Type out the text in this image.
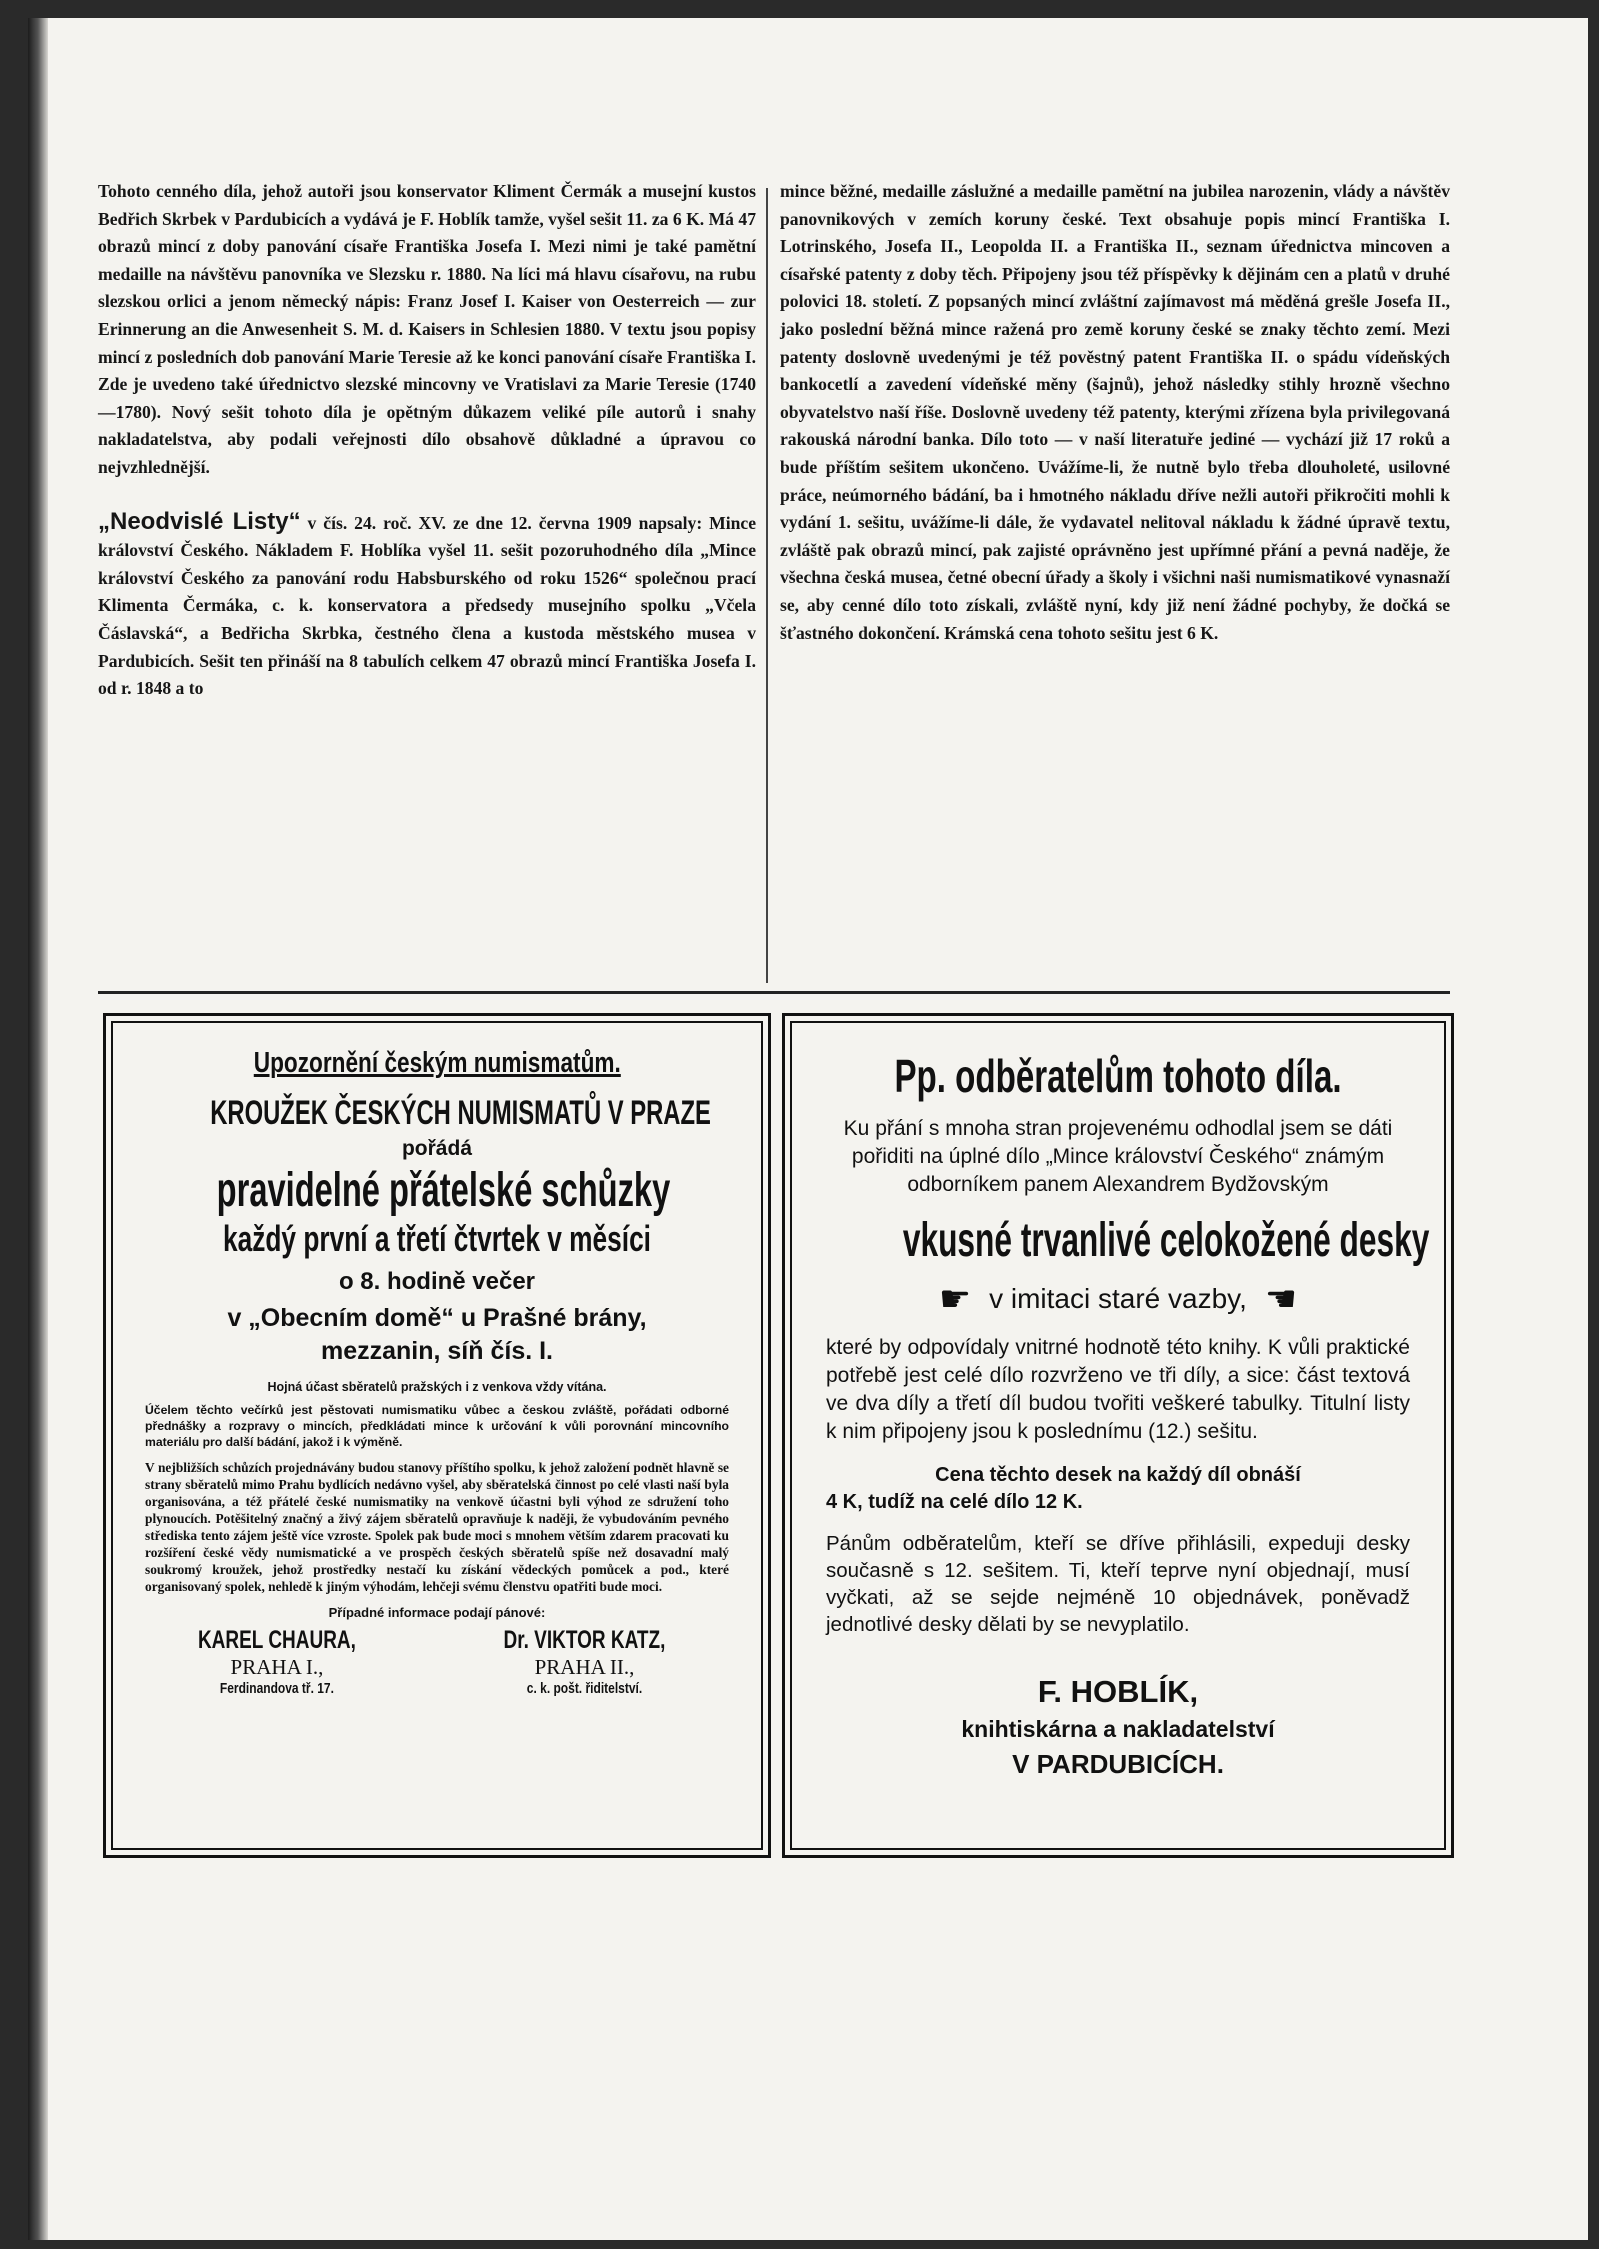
Tohoto cenného díla, jehož autoři jsou konservator Kliment Čermák a musejní kustos Bedřich Skrbek v Pardubicích a vydává je F. Hoblík tamže, vyšel sešit 11. za 6 K. Má 47 obrazů mincí z doby panování císaře Františka Josefa I. Mezi nimi je také pamětní medaille na návštěvu panovníka ve Slezsku r. 1880. Na líci má hlavu císařovu, na rubu slezskou orlici a jenom německý nápis: Franz Josef I. Kaiser von Oesterreich — zur Erinnerung an die Anwesenheit S. M. d. Kaisers in Schlesien 1880. V textu jsou popisy mincí z posledních dob panování Marie Teresie až ke konci panování císaře Františka I. Zde je uvedeno také úřednictvo slezské mincovny ve Vratislavi za Marie Teresie (1740—1780). Nový sešit tohoto díla je opětným důkazem veliké píle autorů i snahy nakladatelstva, aby podali veřejnosti dílo obsahově důkladné a úpravou co nejvzhlednější.

„Neodvislé Listy“ v čís. 24. roč. XV. ze dne 12. června 1909 napsaly: Mince království Českého. Nákladem F. Hoblíka vyšel 11. sešit pozoruhodného díla „Mince království Českého za panování rodu Habsburského od roku 1526“ společnou prací Klimenta Čermáka, c. k. konservatora a předsedy musejního spolku „Včela Čáslavská“, a Bedřicha Skrbka, čestného člena a kustoda městského musea v Pardubicích. Sešit ten přináší na 8 tabulích celkem 47 obrazů mincí Františka Josefa I. od r. 1848 a to

mince běžné, medaille záslužné a medaille pamětní na jubilea narozenin, vlády a návštěv panovnikových v zemích koruny české. Text obsahuje popis mincí Františka I. Lotrinského, Josefa II., Leopolda II. a Františka II., seznam úřednictva mincoven a císařské patenty z doby těch. Připojeny jsou též příspěvky k dějinám cen a platů v druhé polovici 18. století. Z popsaných mincí zvláštní zajímavost má měděná grešle Josefa II., jako poslední běžná mince ražená pro země koruny české se znaky těchto zemí. Mezi patenty doslovně uvedenými je též pověstný patent Františka II. o spádu vídeňských bankocetlí a zavedení vídeňské měny (šajnů), jehož následky stihly hrozně všechno obyvatelstvo naší říše. Doslovně uvedeny též patenty, kterými zřízena byla privilegovaná rakouská národní banka. Dílo toto — v naší literatuře jediné — vychází již 17 roků a bude příštím sešitem ukončeno. Uvážíme-li, že nutně bylo třeba dlouholeté, usilovné práce, neúmorného bádání, ba i hmotného nákladu dříve nežli autoři přikročiti mohli k vydání 1. sešitu, uvážíme-li dále, že vydavatel nelitoval nákladu k žádné úpravě textu, zvláště pak obrazů mincí, pak zajisté oprávněno jest upřímné přání a pevná naděje, že všechna česká musea, četné obecní úřady a školy i všichni naši numismatikové vynasnaží se, aby cenné dílo toto získali, zvláště nyní, kdy již není žádné pochyby, že dočká se šťastného dokončení. Krámská cena tohoto sešitu jest 6 K.

Upozornění českým numismatům.
KROUŽEK ČESKÝCH NUMISMATŮ V PRAZE
pořádá
pravidelné přátelské schůzky
každý první a třetí čtvrtek v měsíci
o 8. hodině večer
v „Obecním domě“ u Prašné brány,
mezzanin, síň čís. I.
Hojná účast sběratelů pražských i z venkova vždy vítána.

Účelem těchto večírků jest pěstovati numismatiku vůbec a českou zvláště, pořádati odborné přednášky a rozpravy o mincích, předkládati mince k určování k vůli porovnání mincovního materiálu pro další bádání, jakož i k výměně.

V nejbližších schůzích projednávány budou stanovy příštího spolku, k jehož založení podnět hlavně se strany sběratelů mimo Prahu bydlících nedávno vyšel, aby sběratelská činnost po celé vlasti naší byla organisována, a též přátelé české numismatiky na venkově účastni byli výhod ze sdružení toho plynoucích. Potěšitelný značný a živý zájem sběratelů opravňuje k naději, že vybudováním pevného střediska tento zájem ještě více vzroste. Spolek pak bude moci s mnohem větším zdarem pracovati ku rozšíření české vědy numismatické a ve prospěch českých sběratelů spíše než dosavadní malý soukromý kroužek, jehož prostředky nestačí ku získání vědeckých pomůcek a pod., které organisovaný spolek, nehledě k jiným výhodám, lehčeji svému členstvu opatřiti bude moci.

Případné informace podají pánové:
KAREL CHAURA,
PRAHA I.,
Ferdinandova tř. 17.
Dr. VIKTOR KATZ,
PRAHA II.,
c. k. pošt. řiditelství.
Pp. odběratelům tohoto díla.
Ku přání s mnoha stran projevenému odhodlal jsem se dáti pořiditi na úplné dílo „Mince království Českého“ známým odborníkem panem Alexandrem Bydžovským
vkusné trvanlivé celokožené desky
☛ v imitaci staré vazby, ☚
které by odpovídaly vnitrné hodnotě této knihy. K vůli praktické potřebě jest celé dílo rozvrženo ve tři díly, a sice: část textová ve dva díly a třetí díl budou tvořiti veškeré tabulky. Titulní listy k nim připojeny jsou k poslednímu (12.) sešitu.
Cena těchto desek na každý díl obnáší
4 K, tudíž na celé dílo 12 K.
Pánům odběratelům, kteří se dříve přihlásili, expeduji desky současně s 12. sešitem. Ti, kteří teprve nyní objednají, musí vyčkati, až se sejde nejméně 10 objednávek, poněvadž jednotlivé desky dělati by se nevyplatilo.
F. HOBLÍK,
knihtiskárna a nakladatelství
V PARDUBICÍCH.
